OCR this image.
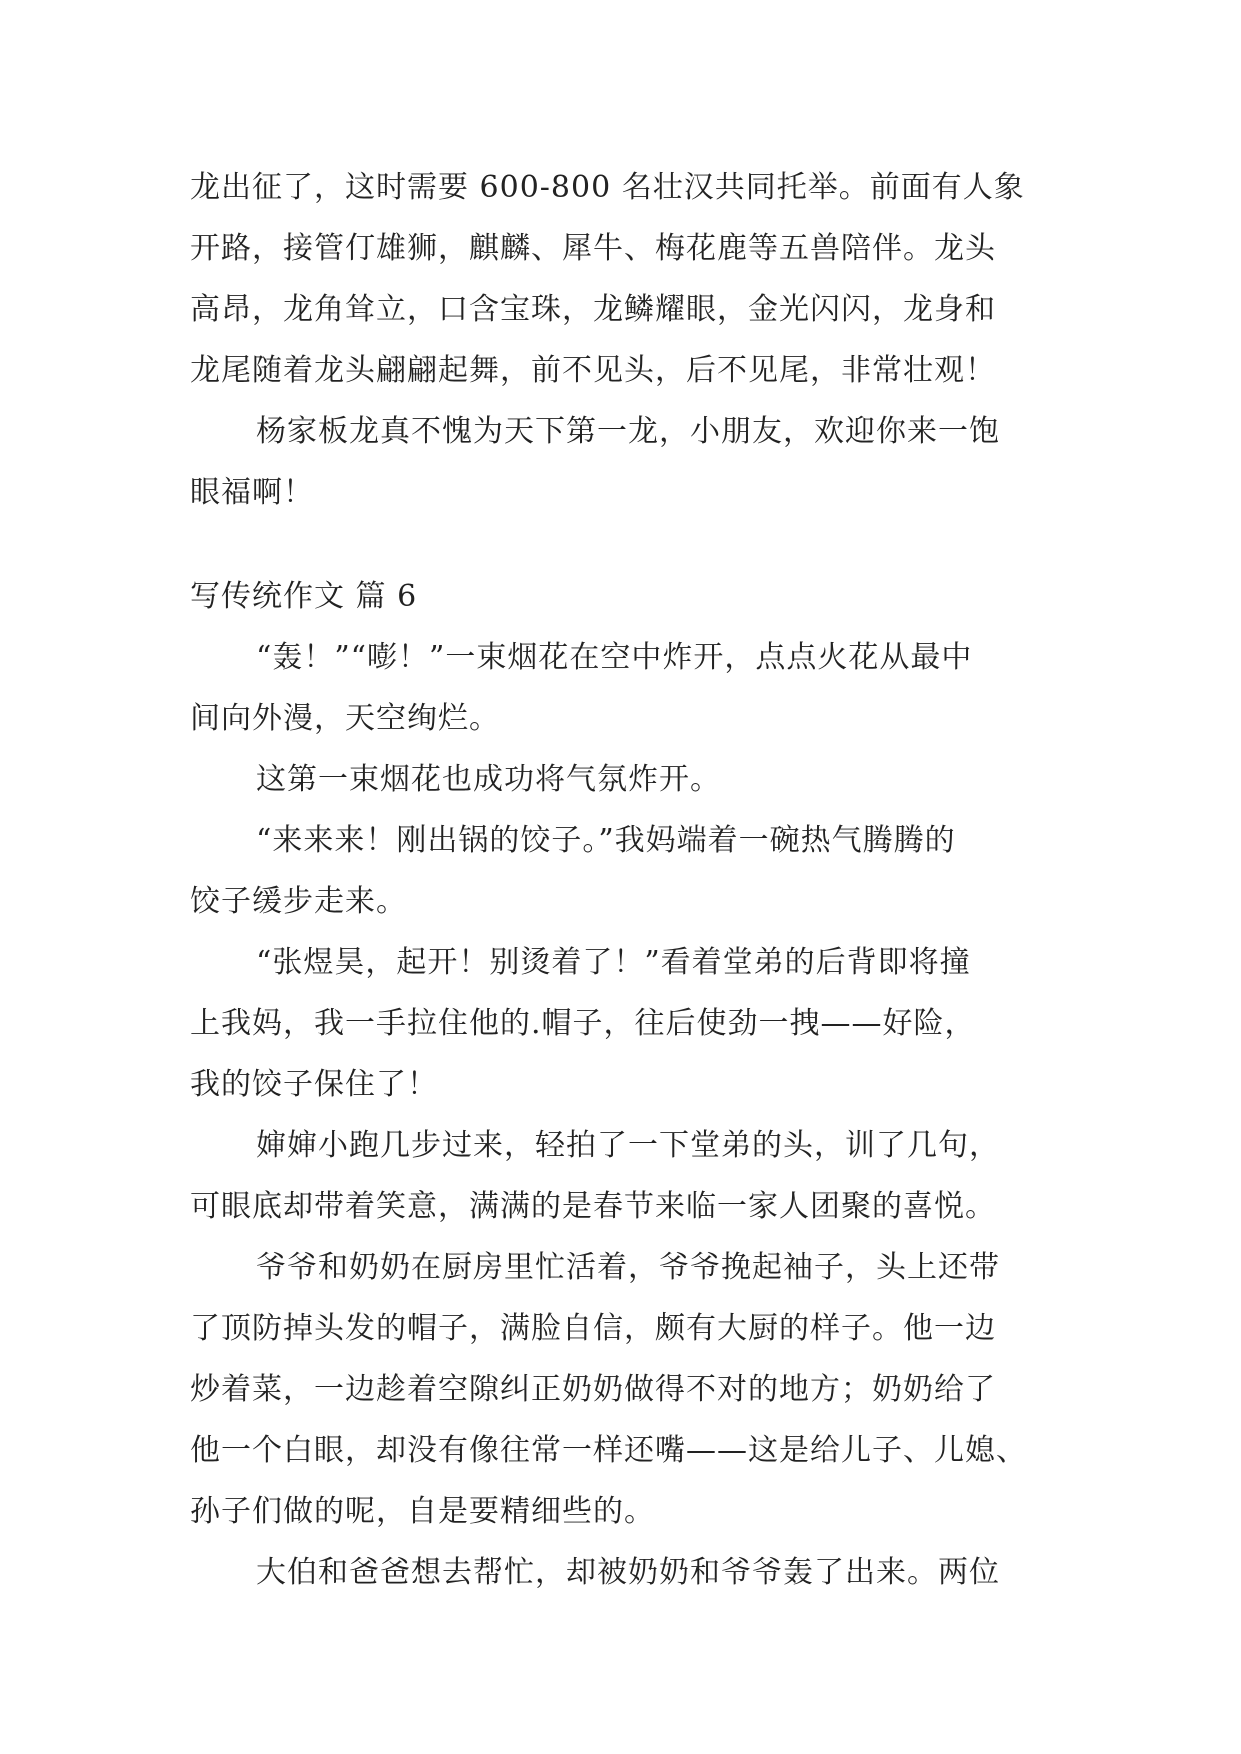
龙出征了，这时需要 600-800 名壮汉共同托举。前面有人象
开路，接管仃雄狮，麒麟、犀牛、梅花鹿等五兽陪伴。龙头
高昂，龙角耸立，口含宝珠，龙鳞耀眼，金光闪闪，龙身和
龙尾随着龙头翩翩起舞，前不见头，后不见尾，非常壮观！
杨家板龙真不愧为天下第一龙，小朋友，欢迎你来一饱
眼福啊！
写传统作文 篇 6
“轰！”“嘭！”一束烟花在空中炸开，点点火花从最中
间向外漫，天空绚烂。
这第一束烟花也成功将气氛炸开。
“来来来！刚出锅的饺子。”我妈端着一碗热气腾腾的
饺子缓步走来。
“张煜昊，起开！别烫着了！”看着堂弟的后背即将撞
上我妈，我一手拉住他的.帽子，往后使劲一拽——好险，
我的饺子保住了！
婶婶小跑几步过来，轻拍了一下堂弟的头，训了几句，
可眼底却带着笑意，满满的是春节来临一家人团聚的喜悦。
爷爷和奶奶在厨房里忙活着，爷爷挽起袖子，头上还带
了顶防掉头发的帽子，满脸自信，颇有大厨的样子。他一边
炒着菜，一边趁着空隙纠正奶奶做得不对的地方；奶奶给了
他一个白眼，却没有像往常一样还嘴——这是给儿子、儿媳、
孙子们做的呢，自是要精细些的。
大伯和爸爸想去帮忙，却被奶奶和爷爷轰了出来。两位
